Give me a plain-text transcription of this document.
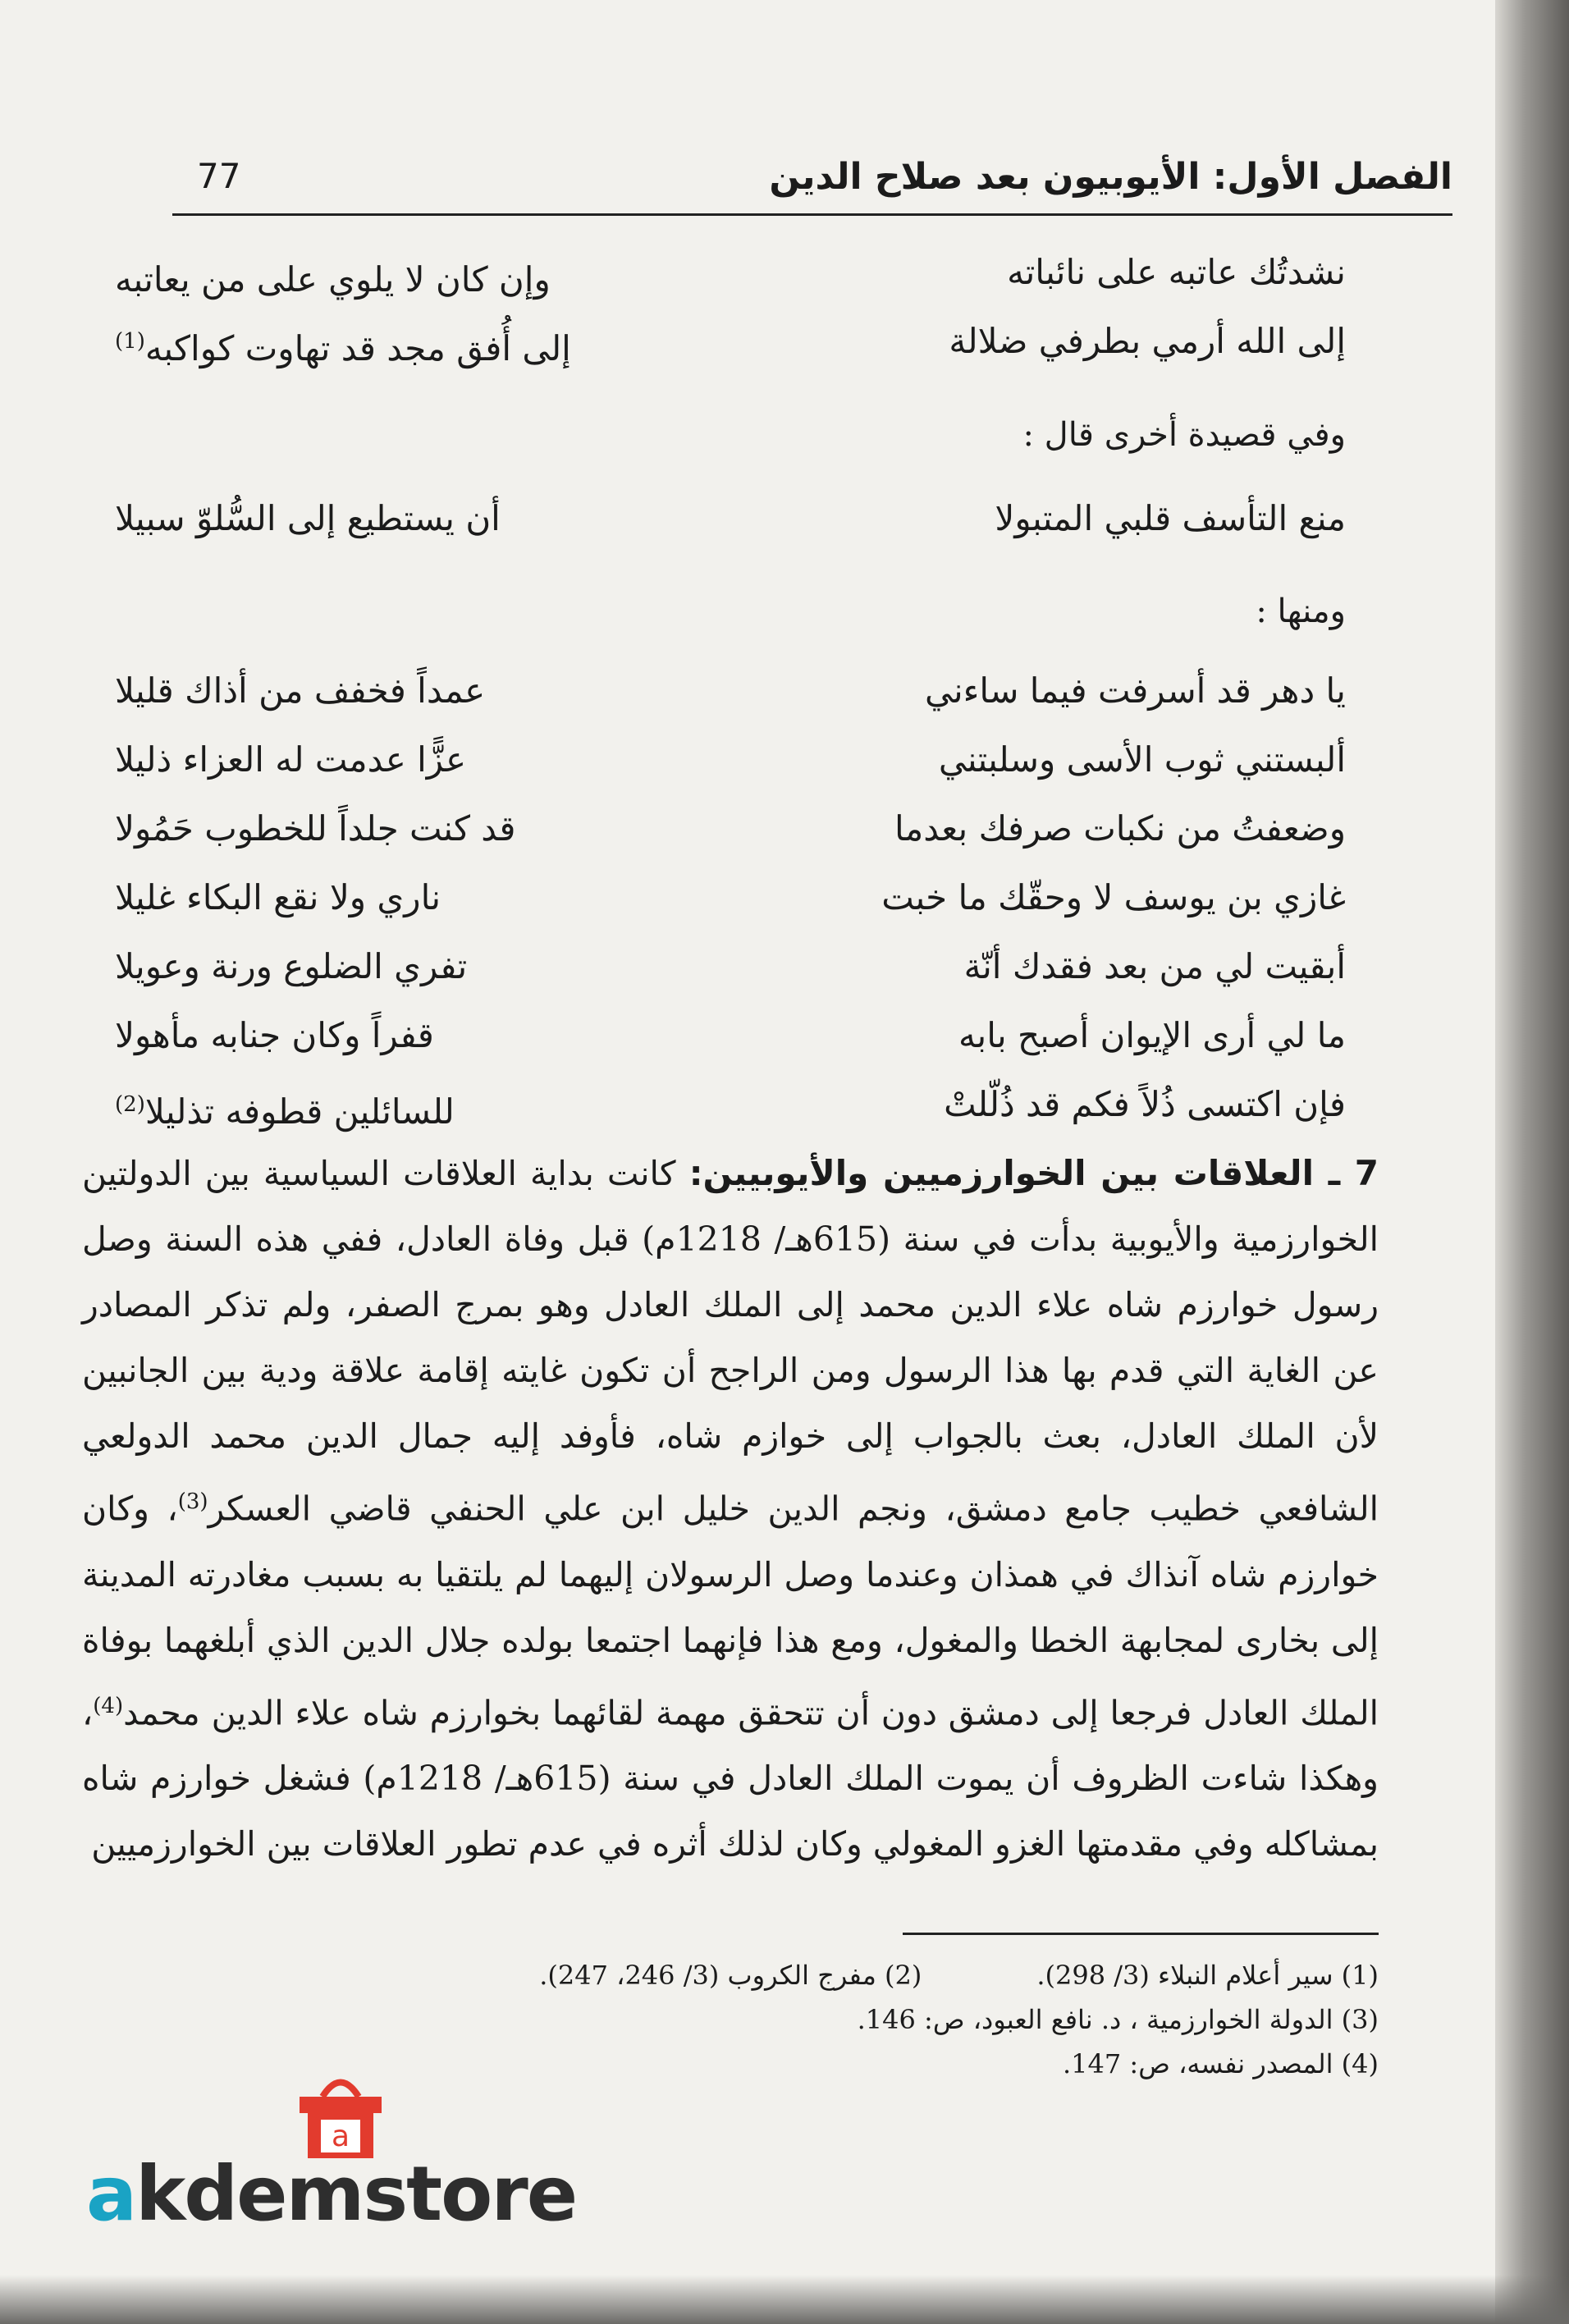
الفصل الأول: الأيوبيون بعد صلاح الدين
77
نشدتُك عاتبه على نائباته
وإن كان لا يلوي على من يعاتبه
إلى الله أرمي بطرفي ضلالة
إلى أُفق مجد قد تهاوت كواكبه$^{(1)}$
وفي قصيدة أخرى قال :
منع التأسف قلبي المتبولا
أن يستطيع إلى السُّلوّ سبيلا
ومنها :
يا دهر قد أسرفت فيما ساءني
عمداً فخفف من أذاك قليلا
ألبستني ثوب الأسى وسلبتني
عزًّا عدمت له العزاء ذليلا
وضعفتُ من نكبات صرفك بعدما
قد كنت جلداً للخطوب حَمُولا
غازي بن يوسف لا وحقّك ما خبت
ناري ولا نقع البكاء غليلا
أبقيت لي من بعد فقدك أنّة
تفري الضلوع ورنة وعويلا
ما لي أرى الإيوان أصبح بابه
قفراً وكان جنابه مأهولا
فإن اكتسى ذُلاً فكم قد ذُلّلتْ
للسائلين قطوفه تذليلا$^{(2)}$
7 ـ العلاقات بين الخوارزميين والأيوبيين: كانت بداية العلاقات السياسية بين الدولتين الخوارزمية والأيوبية بدأت في سنة (615هـ/ 1218م) قبل وفاة العادل، ففي هذه السنة وصل رسول خوارزم شاه علاء الدين محمد إلى الملك العادل وهو بمرج الصفر، ولم تذكر المصادر عن الغاية التي قدم بها هذا الرسول ومن الراجح أن تكون غايته إقامة علاقة ودية بين الجانبين لأن الملك العادل، بعث بالجواب إلى خوازم شاه، فأوفد إليه جمال الدين محمد الدولعي الشافعي خطيب جامع دمشق، ونجم الدين خليل ابن علي الحنفي قاضي العسكر$^{(3)}$، وكان خوارزم شاه آنذاك في همذان وعندما وصل الرسولان إليهما لم يلتقيا به بسبب مغادرته المدينة إلى بخارى لمجابهة الخطا والمغول، ومع هذا فإنهما اجتمعا بولده جلال الدين الذي أبلغهما بوفاة الملك العادل فرجعا إلى دمشق دون أن تتحقق مهمة لقائهما بخوارزم شاه علاء الدين محمد$^{(4)}$، وهكذا شاءت الظروف أن يموت الملك العادل في سنة (615هـ/ 1218م) فشغل خوارزم شاه بمشاكله وفي مقدمتها الغزو المغولي وكان لذلك أثره في عدم تطور العلاقات بين الخوارزميين
(1) سير أعلام النبلاء (3/ 298).
(2) مفرج الكروب (3/ 246، 247).
(3) الدولة الخوارزمية ، د. نافع العبود، ص: 146.
(4) المصدر نفسه، ص: 147.
a
akdemstore
